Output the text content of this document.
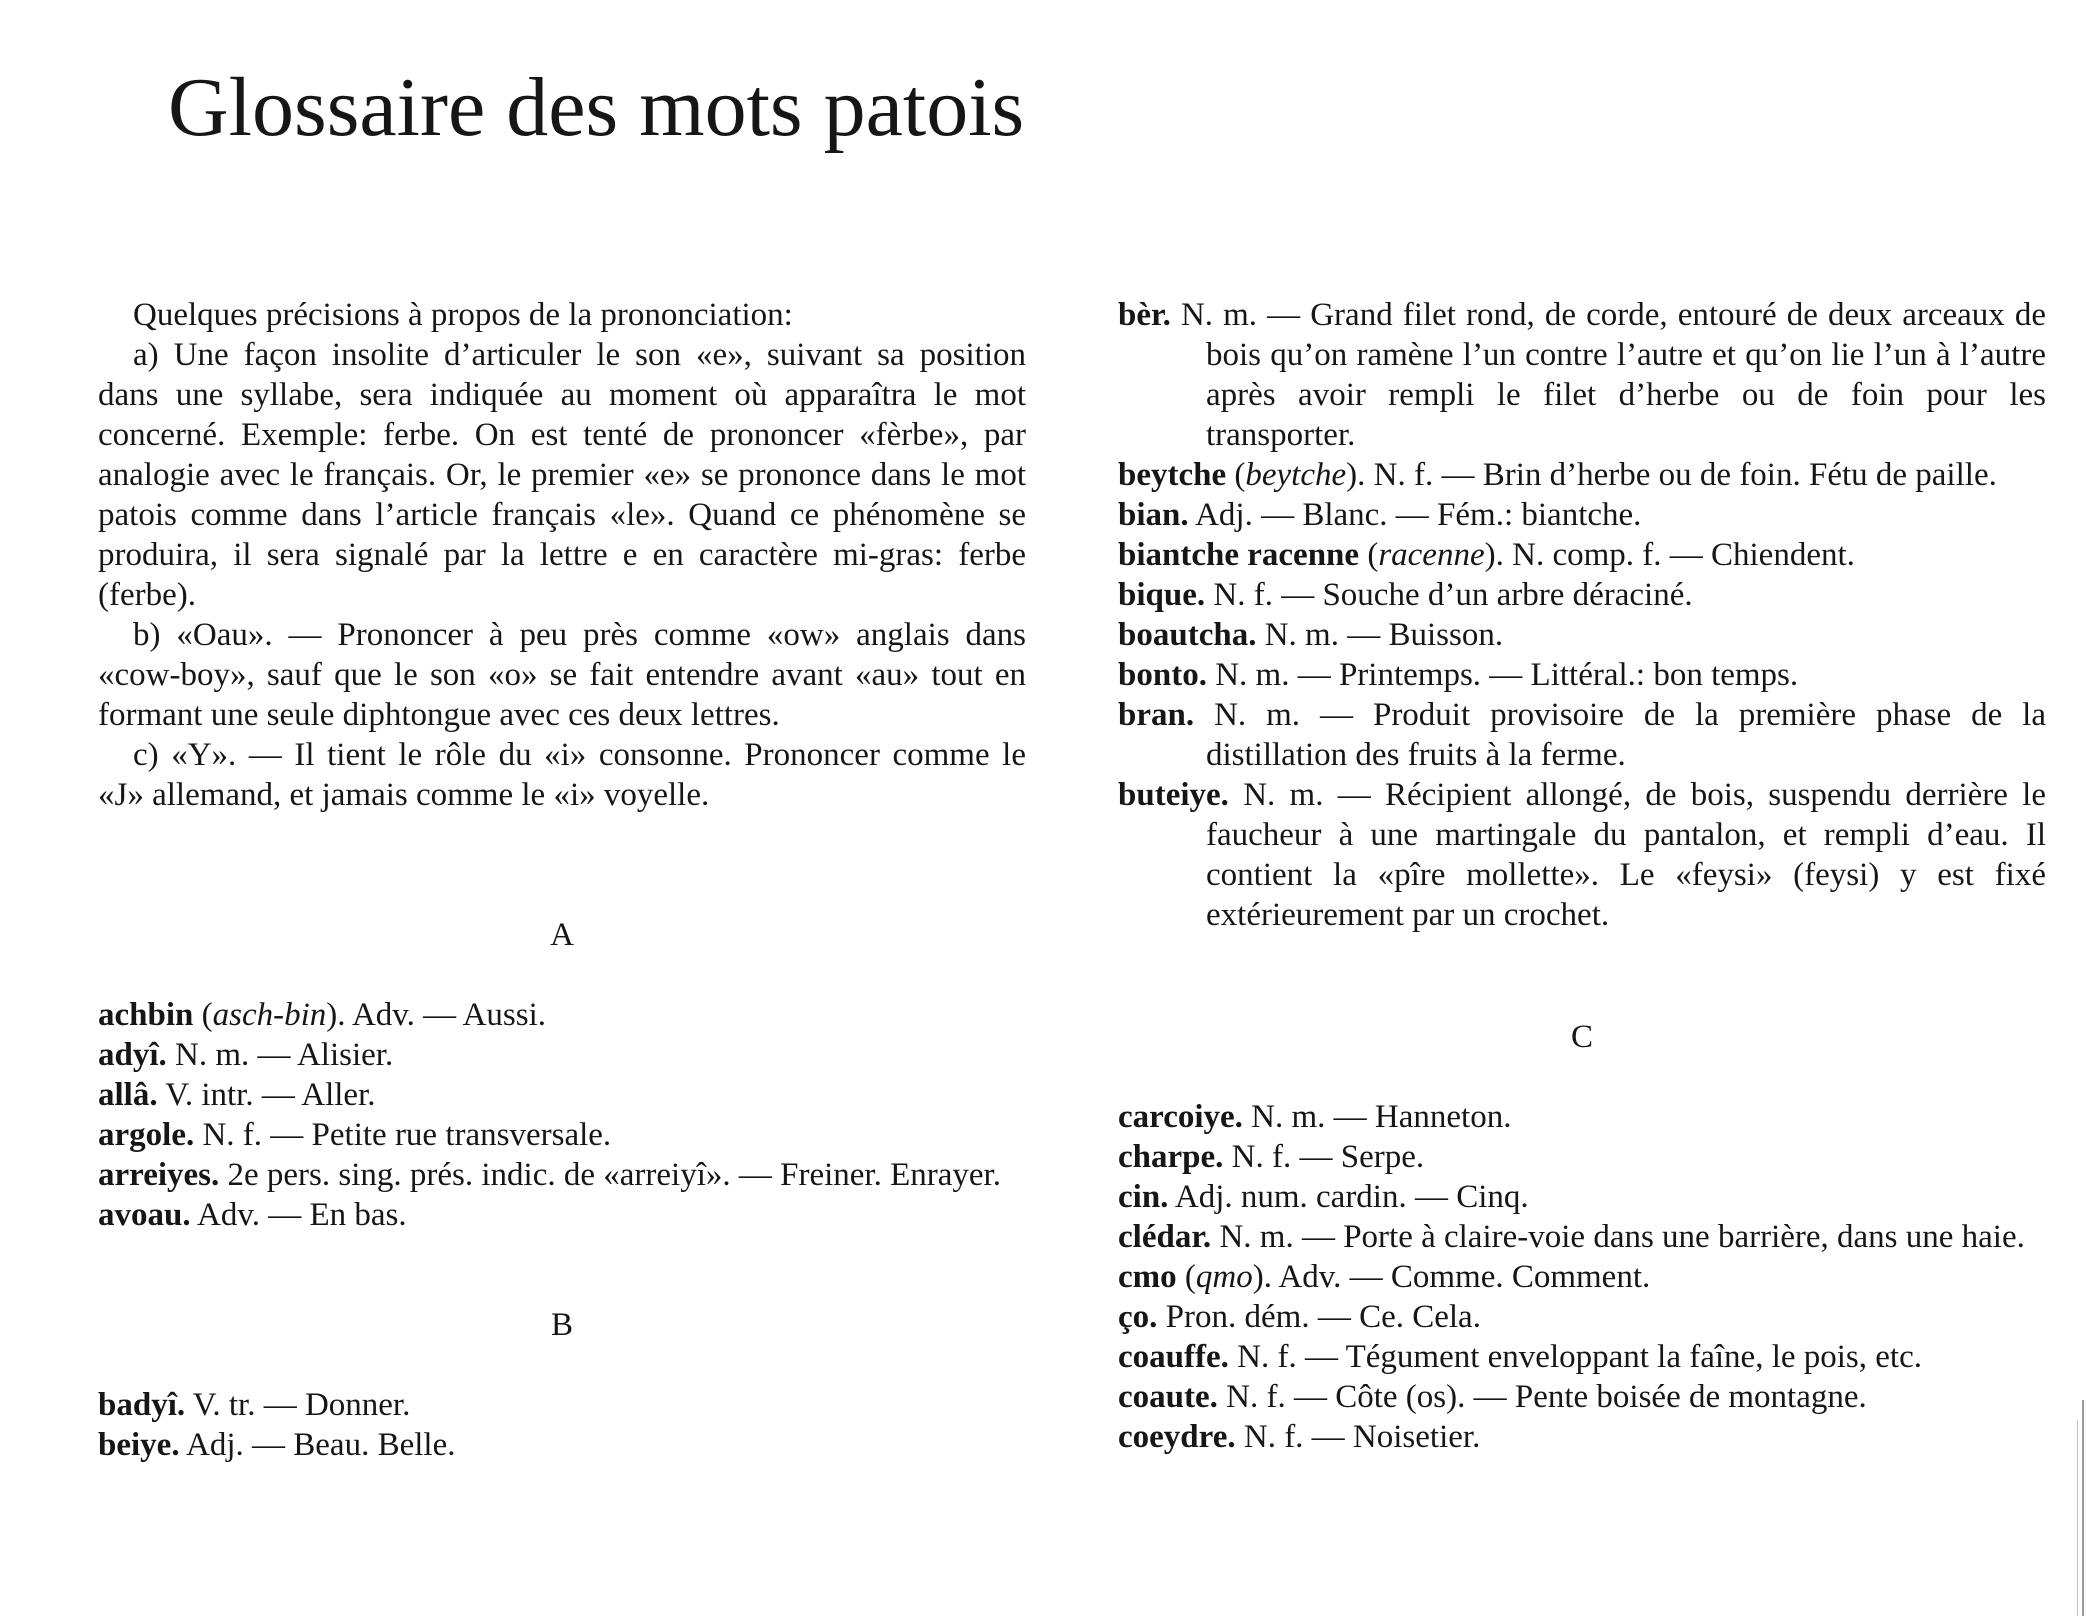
Glossaire des mots patois

Quelques précisions à propos de la prononciation:

a) Une façon insolite d’articuler le son «e», suivant sa position dans une syllabe, sera indiquée au moment où apparaîtra le mot concerné. Exemple: ferbe. On est tenté de prononcer «fèrbe», par analogie avec le français. Or, le premier «e» se prononce dans le mot patois comme dans l’article français «le». Quand ce phénomène se produira, il sera signalé par la lettre e en caractère mi-gras: ferbe (ferbe).

b) «Oau». — Prononcer à peu près comme «ow» anglais dans «cow-boy», sauf que le son «o» se fait entendre avant «au» tout en formant une seule diphtongue avec ces deux lettres.

c) «Y». — Il tient le rôle du «i» consonne. Prononcer comme le «J» allemand, et jamais comme le «i» voyelle.

A

achbin (asch-bin). Adv. — Aussi.

adyî. N. m. — Alisier.

allâ. V. intr. — Aller.

argole. N. f. — Petite rue transversale.

arreiyes. 2e pers. sing. prés. indic. de «arreiyî». — Freiner. Enrayer.

avoau. Adv. — En bas.

B

badyî. V. tr. — Donner.

beiye. Adj. — Beau. Belle.

bèr. N. m. — Grand filet rond, de corde, entouré de deux arceaux de bois qu’on ramène l’un contre l’autre et qu’on lie l’un à l’autre après avoir rempli le filet d’herbe ou de foin pour les transporter.

beytche (beytche). N. f. — Brin d’herbe ou de foin. Fétu de paille.

bian. Adj. — Blanc. — Fém.: biantche.

biantche racenne (racenne). N. comp. f. — Chiendent.

bique. N. f. — Souche d’un arbre déraciné.

boautcha. N. m. — Buisson.

bonto. N. m. — Printemps. — Littéral.: bon temps.

bran. N. m. — Produit provisoire de la première phase de la distillation des fruits à la ferme.

buteiye. N. m. — Récipient allongé, de bois, suspendu derrière le faucheur à une martingale du pantalon, et rempli d’eau. Il contient la «pîre mollette». Le «feysi» (feysi) y est fixé extérieurement par un crochet.

C

carcoiye. N. m. — Hanneton.

charpe. N. f. — Serpe.

cin. Adj. num. cardin. — Cinq.

clédar. N. m. — Porte à claire-voie dans une barrière, dans une haie.

cmo (qmo). Adv. — Comme. Comment.

ço. Pron. dém. — Ce. Cela.

coauffe. N. f. — Tégument enveloppant la faîne, le pois, etc.

coaute. N. f. — Côte (os). — Pente boisée de montagne.

coeydre. N. f. — Noisetier.
